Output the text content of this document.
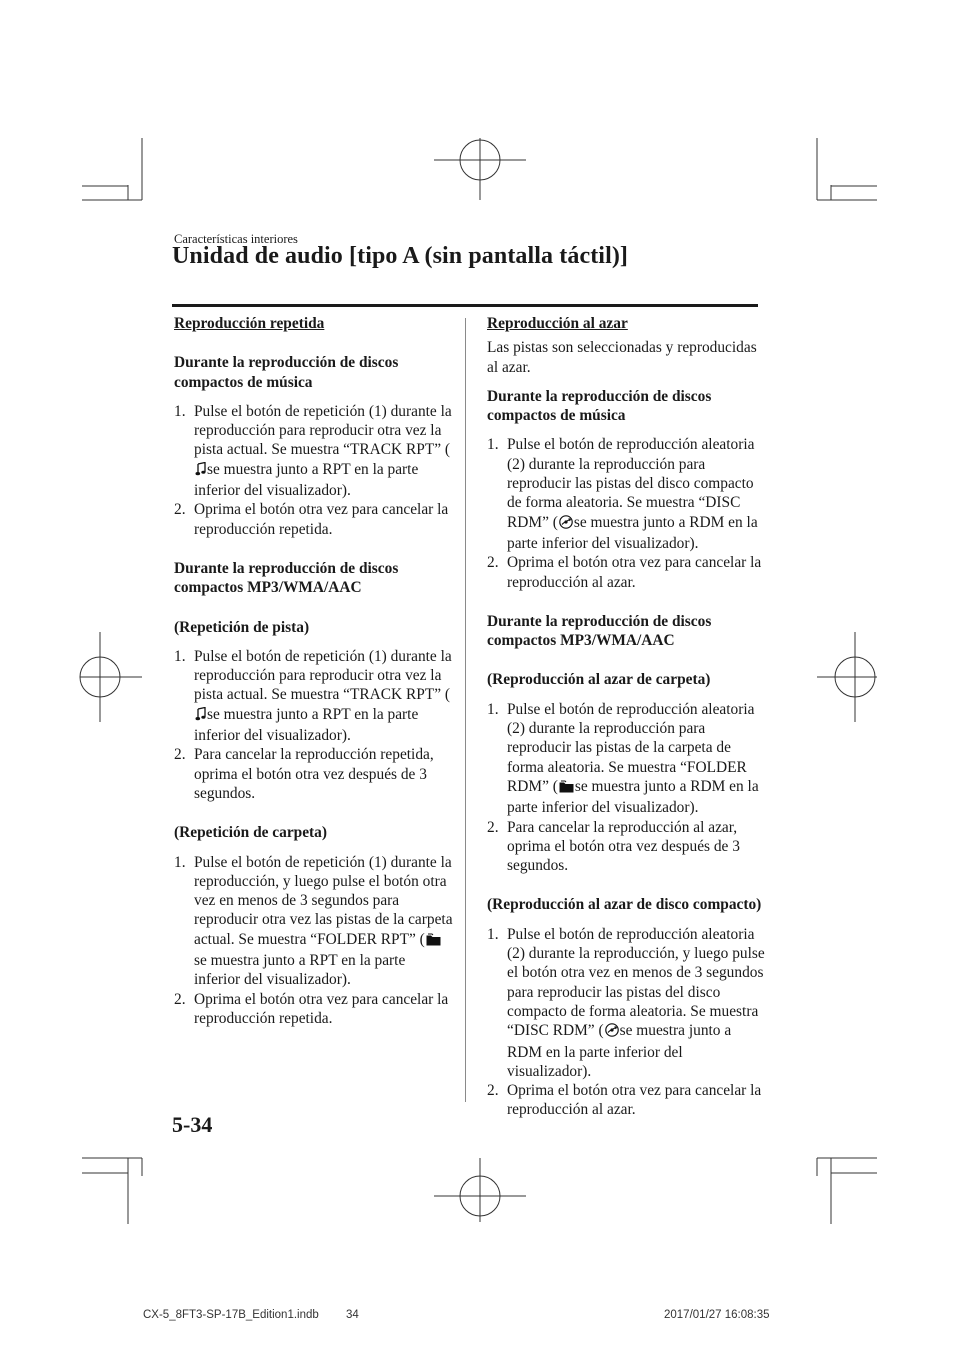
Características interiores
Unidad de audio [tipo A (sin pantalla táctil)]

Reproducción repetida

Durante la reproducción de discos compactos de música

1. Pulse el botón de repetición (1) durante la reproducción para reproducir otra vez la pista actual. Se muestra “TRACK RPT” (se muestra junto a RPT en la parte inferior del visualizador).
2. Oprima el botón otra vez para cancelar la reproducción repetida.

Durante la reproducción de discos compactos MP3/WMA/AAC

(Repetición de pista)

1. Pulse el botón de repetición (1) durante la reproducción para reproducir otra vez la pista actual. Se muestra “TRACK RPT” (se muestra junto a RPT en la parte inferior del visualizador).
2. Para cancelar la reproducción repetida, oprima el botón otra vez después de 3 segundos.

(Repetición de carpeta)

1. Pulse el botón de repetición (1) durante la reproducción, y luego pulse el botón otra vez en menos de 3 segundos para reproducir otra vez las pistas de la carpeta actual. Se muestra “FOLDER RPT” (se muestra junto a RPT en la parte inferior del visualizador).
2. Oprima el botón otra vez para cancelar la reproducción repetida.

Reproducción al azar

Las pistas son seleccionadas y reproducidas al azar.

Durante la reproducción de discos compactos de música

1. Pulse el botón de reproducción aleatoria (2) durante la reproducción para reproducir las pistas del disco compacto de forma aleatoria. Se muestra “DISC RDM” ( se muestra junto a RDM en la parte inferior del visualizador).
2. Oprima el botón otra vez para cancelar la reproducción al azar.

Durante la reproducción de discos compactos MP3/WMA/AAC

(Reproducción al azar de carpeta)

1. Pulse el botón de reproducción aleatoria (2) durante la reproducción para reproducir las pistas de la carpeta de forma aleatoria. Se muestra “FOLDER RDM” ( se muestra junto a RDM en la parte inferior del visualizador).
2. Para cancelar la reproducción al azar, oprima el botón otra vez después de 3 segundos.

(Reproducción al azar de disco compacto)

1. Pulse el botón de reproducción aleatoria (2) durante la reproducción, y luego pulse el botón otra vez en menos de 3 segundos para reproducir las pistas del disco compacto de forma aleatoria. Se muestra “DISC RDM” ( se muestra junto a RDM en la parte inferior del visualizador).
2. Oprima el botón otra vez para cancelar la reproducción al azar.
5-34
CX-5_8FT3-SP-17B_Edition1.indb 34	2017/01/27 16:08:35
